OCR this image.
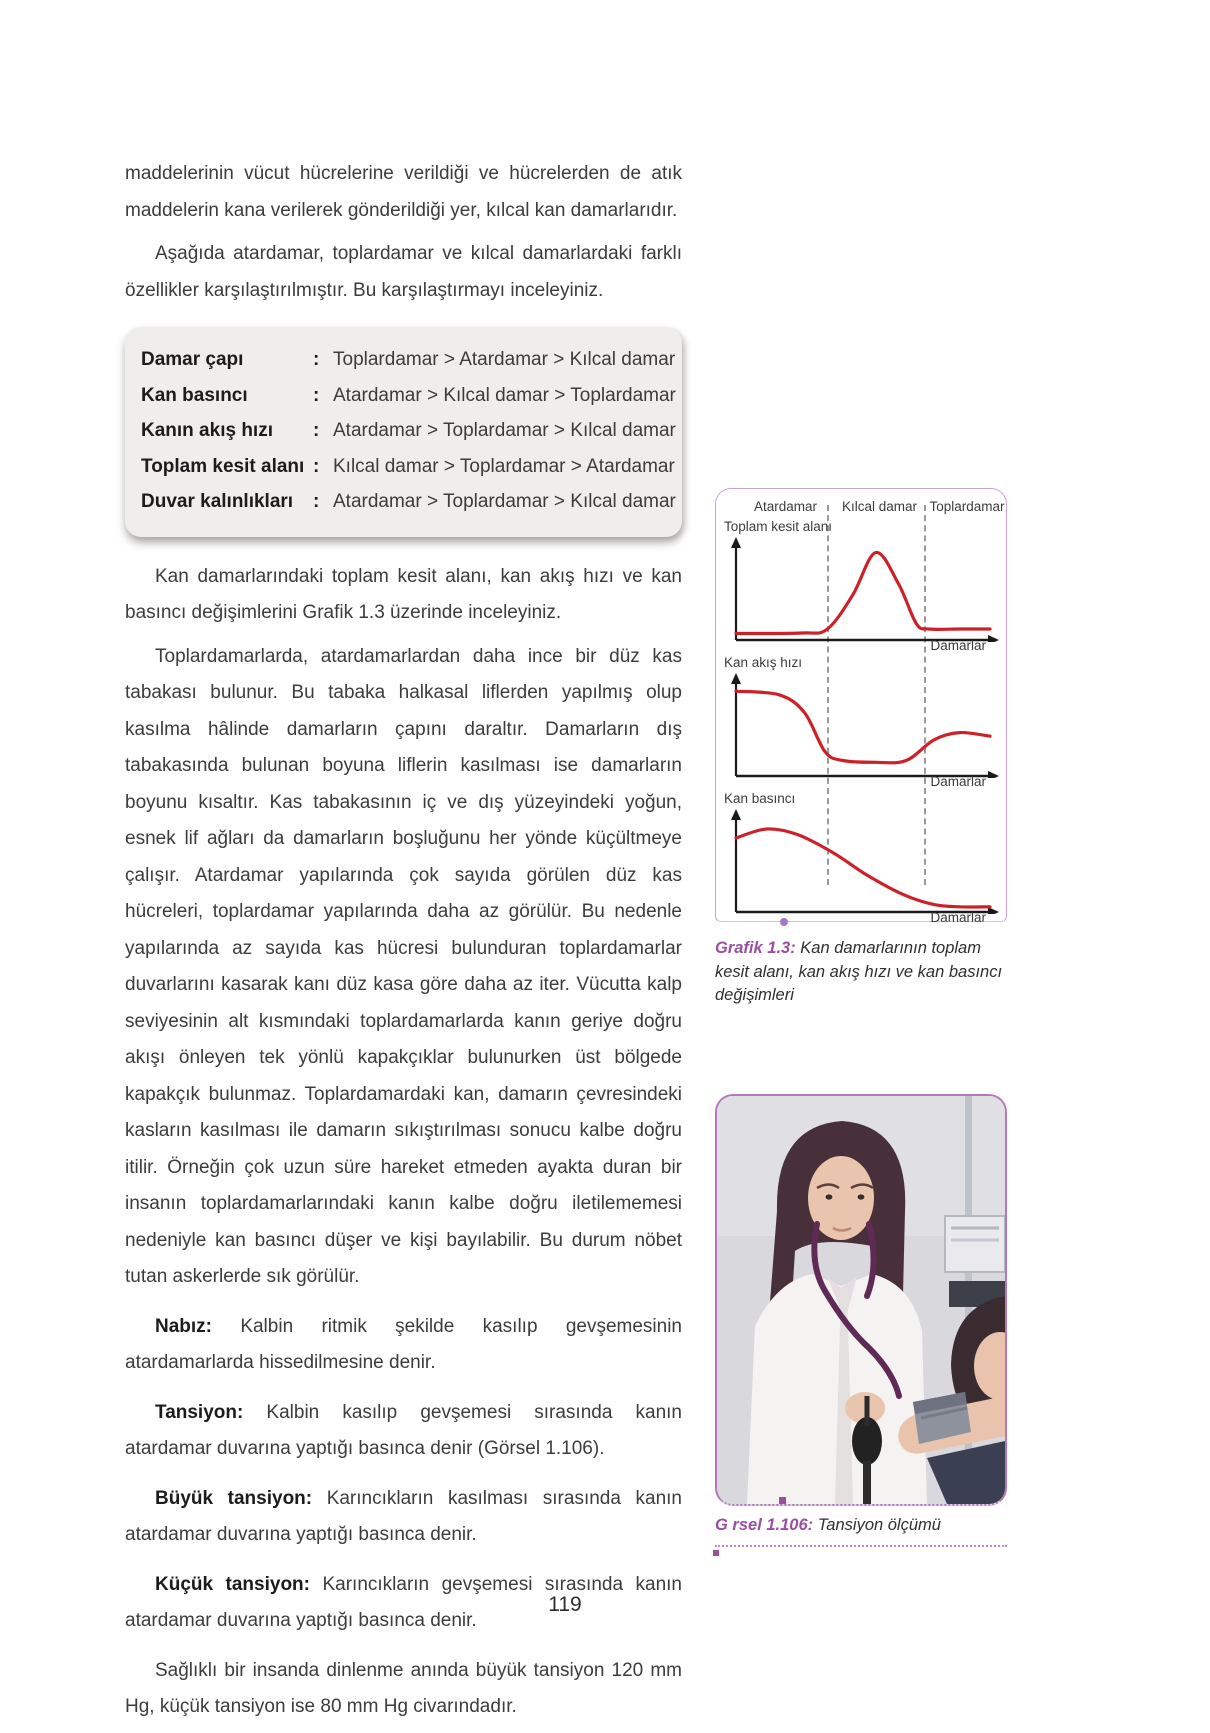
maddelerinin vücut hücrelerine verildiği ve hücrelerden de atık maddelerin kana verilerek gönderildiği yer, kılcal kan damarlarıdır.

Aşağıda atardamar, toplardamar ve kılcal damarlardaki farklı özellikler karşılaştırılmıştır. Bu karşılaştırmayı inceleyiniz.

Damar çapı	: Toplardamar > Atardamar > Kılcal damar
Kan basıncı	: Atardamar > Kılcal damar > Toplardamar
Kanın akış hızı	: Atardamar > Toplardamar > Kılcal damar
Toplam kesit alanı : Kılcal damar > Toplardamar > Atardamar
Duvar kalınlıkları	: Atardamar > Toplardamar > Kılcal damar

Kan damarlarındaki toplam kesit alanı, kan akış hızı ve kan basıncı değişimlerini Grafik 1.3 üzerinde inceleyiniz.

Toplardamarlarda, atardamarlardan daha ince bir düz kas tabakası bulunur. Bu tabaka halkasal liflerden yapılmış olup kasılma hâlinde damarların çapını daraltır. Damarların dış tabakasında bulunan boyuna liflerin kasılması ise damarların boyunu kısaltır. Kas tabakasının iç ve dış yüzeyindeki yoğun, esnek lif ağları da damarların boşluğunu her yönde küçültmeye çalışır. Atardamar yapılarında çok sayıda görülen düz kas hücreleri, toplardamar yapılarında daha az görülür. Bu nedenle yapılarında az sayıda kas hücresi bulunduran toplardamarlar duvarlarını kasarak kanı düz kasa göre daha az iter. Vücutta kalp seviyesinin alt kısmındaki toplardamarlarda kanın geriye doğru akışı önleyen tek yönlü kapakçıklar bulunurken üst bölgede kapakçık bulunmaz. Toplardamardaki kan, damarın çevresindeki kasların kasılması ile damarın sıkıştırılması sonucu kalbe doğru itilir. Örneğin çok uzun süre hareket etmeden ayakta duran bir insanın toplardamarlarındaki kanın kalbe doğru iletilememesi nedeniyle kan basıncı düşer ve kişi bayılabilir. Bu durum nöbet tutan askerlerde sık görülür.

Nabız: Kalbin ritmik şekilde kasılıp gevşemesinin atardamarlarda hissedilmesine denir.

Tansiyon: Kalbin kasılıp gevşemesi sırasında kanın atardamar duvarına yaptığı basınca denir (Görsel 1.106).

Büyük tansiyon: Karıncıkların kasılması sırasında kanın atardamar duvarına yaptığı basınca denir.

Küçük tansiyon: Karıncıkların gevşemesi sırasında kanın atardamar duvarına yaptığı basınca denir.

Sağlıklı bir insanda dinlenme anında büyük tansiyon 120 mm Hg, küçük tansiyon ise 80 mm Hg civarındadır.

Atardamar	Kılcal damar Toplardamar
Toplam kesit alanı
Damarlar
Kan akış hızı
Damarlar
Kan basıncı
Damarlar
Grafik 1.3: Kan damarlarının toplam kesit alanı, kan akış hızı ve kan basıncı değişimleri
G rsel 1.106: Tansiyon ölçümü
119
